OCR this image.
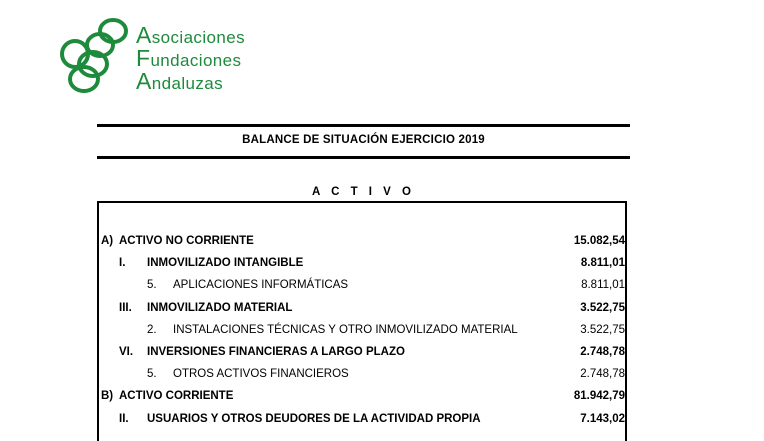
Asociaciones
Fundaciones
Andaluzas
BALANCE DE SITUACIÓN EJERCICIO 2019
A C T I V O
A) ACTIVO NO CORRIENTE	15.082,54
I. INMOVILIZADO INTANGIBLE	8.811,01
5. APLICACIONES INFORMÁTICAS	8.811,01
III. INMOVILIZADO MATERIAL	3.522,75
2. INSTALACIONES TÉCNICAS Y OTRO INMOVILIZADO MATERIAL	3.522,75
VI. INVERSIONES FINANCIERAS A LARGO PLAZO	2.748,78
5. OTROS ACTIVOS FINANCIEROS	2.748,78
B) ACTIVO CORRIENTE	81.942,79
II. USUARIOS Y OTROS DEUDORES DE LA ACTIVIDAD PROPIA	7.143,02
